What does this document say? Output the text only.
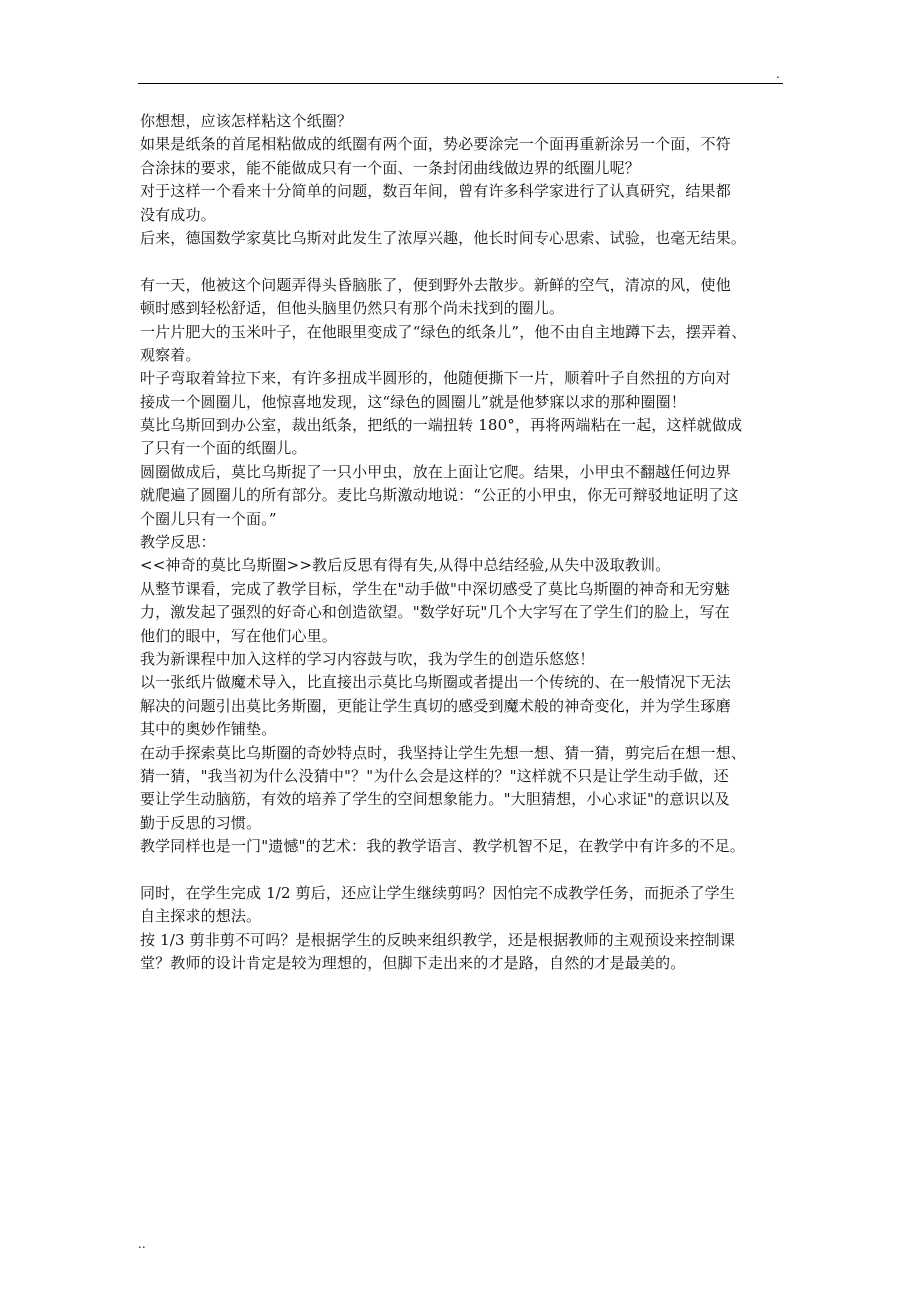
.
你想想，应该怎样粘这个纸圈？
如果是纸条的首尾相粘做成的纸圈有两个面，势必要涂完一个面再重新涂另一个面，不符
合涂抹的要求，能不能做成只有一个面、一条封闭曲线做边界的纸圈儿呢？
对于这样一个看来十分简单的问题，数百年间，曾有许多科学家进行了认真研究，结果都
没有成功。
后来，德国数学家莫比乌斯对此发生了浓厚兴趣，他长时间专心思索、试验，也毫无结果。
有一天，他被这个问题弄得头昏脑胀了，便到野外去散步。新鲜的空气，清凉的风，使他
顿时感到轻松舒适，但他头脑里仍然只有那个尚未找到的圈儿。
一片片肥大的玉米叶子，在他眼里变成了“绿色的纸条儿”，他不由自主地蹲下去，摆弄着、
观察着。
叶子弯取着耸拉下来，有许多扭成半圆形的，他随便撕下一片，顺着叶子自然扭的方向对
接成一个圆圈儿，他惊喜地发现，这“绿色的圆圈儿”就是他梦寐以求的那种圈圈！
莫比乌斯回到办公室，裁出纸条，把纸的一端扭转 180°，再将两端粘在一起，这样就做成
了只有一个面的纸圈儿。
圆圈做成后，莫比乌斯捉了一只小甲虫，放在上面让它爬。结果，小甲虫不翻越任何边界
就爬遍了圆圈儿的所有部分。麦比乌斯激动地说：“公正的小甲虫，你无可辩驳地证明了这
个圈儿只有一个面。”
教学反思：
<<神奇的莫比乌斯圈>>教后反思有得有失,从得中总结经验,从失中汲取教训。
从整节课看，完成了教学目标，学生在"动手做"中深切感受了莫比乌斯圈的神奇和无穷魅
力，激发起了强烈的好奇心和创造欲望。"数学好玩"几个大字写在了学生们的脸上，写在
他们的眼中，写在他们心里。
我为新课程中加入这样的学习内容鼓与吹，我为学生的创造乐悠悠！
以一张纸片做魔术导入，比直接出示莫比乌斯圈或者提出一个传统的、在一般情况下无法
解决的问题引出莫比务斯圈，更能让学生真切的感受到魔术般的神奇变化，并为学生琢磨
其中的奥妙作铺垫。
在动手探索莫比乌斯圈的奇妙特点时，我坚持让学生先想一想、猜一猜，剪完后在想一想、
猜一猜，"我当初为什么没猜中"？"为什么会是这样的？"这样就不只是让学生动手做，还
要让学生动脑筋，有效的培养了学生的空间想象能力。"大胆猜想，小心求证"的意识以及
勤于反思的习惯。
教学同样也是一门"遗憾"的艺术：我的教学语言、教学机智不足，在教学中有许多的不足。
同时，在学生完成 1/2 剪后，还应让学生继续剪吗？因怕完不成教学任务，而扼杀了学生
自主探求的想法。
按 1/3 剪非剪不可吗？是根据学生的反映来组织教学，还是根据教师的主观预设来控制课
堂？教师的设计肯定是较为理想的，但脚下走出来的才是路，自然的才是最美的。
..
